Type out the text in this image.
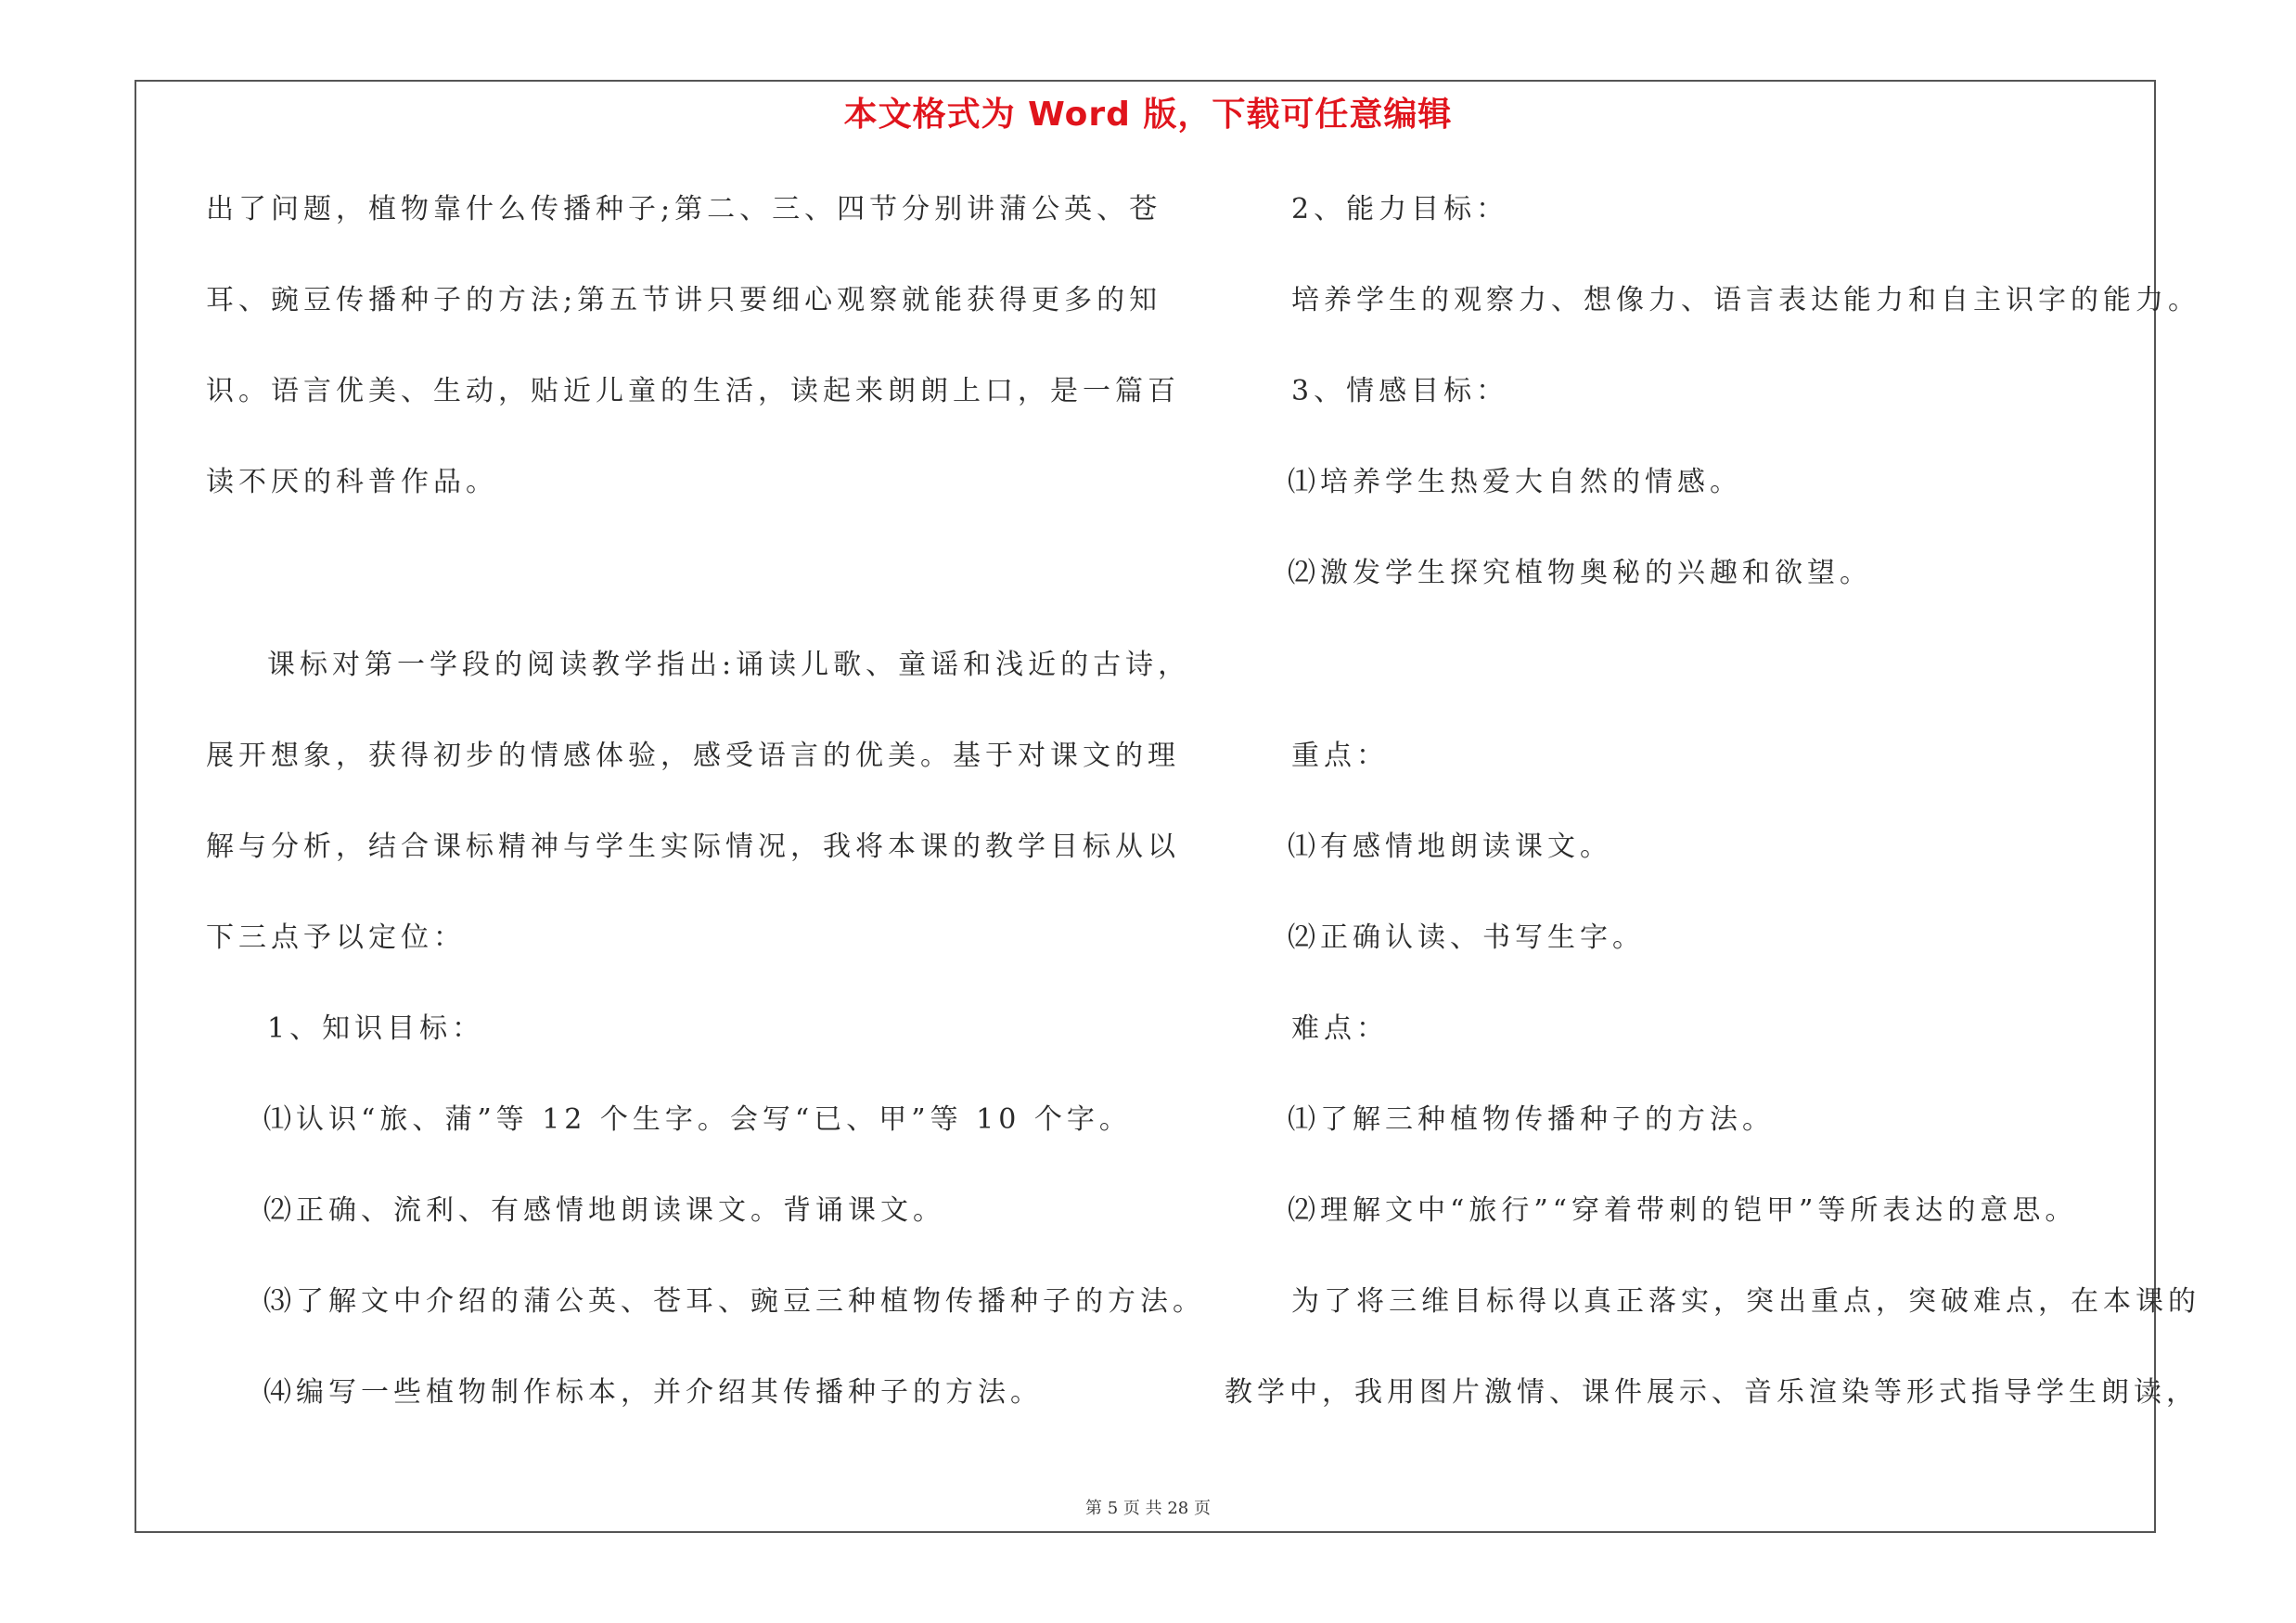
本文格式为 Word 版，下载可任意编辑
出了问题，植物靠什么传播种子;第二、三、四节分别讲蒲公英、苍
耳、豌豆传播种子的方法;第五节讲只要细心观察就能获得更多的知
识。语言优美、生动，贴近儿童的生活，读起来朗朗上口，是一篇百
读不厌的科普作品。
课标对第一学段的阅读教学指出:诵读儿歌、童谣和浅近的古诗，
展开想象，获得初步的情感体验，感受语言的优美。基于对课文的理
解与分析，结合课标精神与学生实际情况，我将本课的教学目标从以
下三点予以定位：
1、知识目标：
⑴认识“旅、蒲”等 12 个生字。会写“已、甲”等 10 个字。
⑵正确、流利、有感情地朗读课文。背诵课文。
⑶了解文中介绍的蒲公英、苍耳、豌豆三种植物传播种子的方法。
⑷编写一些植物制作标本，并介绍其传播种子的方法。
2、能力目标：
培养学生的观察力、想像力、语言表达能力和自主识字的能力。
3、情感目标：
⑴培养学生热爱大自然的情感。
⑵激发学生探究植物奥秘的兴趣和欲望。
重点：
⑴有感情地朗读课文。
⑵正确认读、书写生字。
难点：
⑴了解三种植物传播种子的方法。
⑵理解文中“旅行”“穿着带刺的铠甲”等所表达的意思。
为了将三维目标得以真正落实，突出重点，突破难点，在本课的
教学中，我用图片激情、课件展示、音乐渲染等形式指导学生朗读，
第 5 页 共 28 页
